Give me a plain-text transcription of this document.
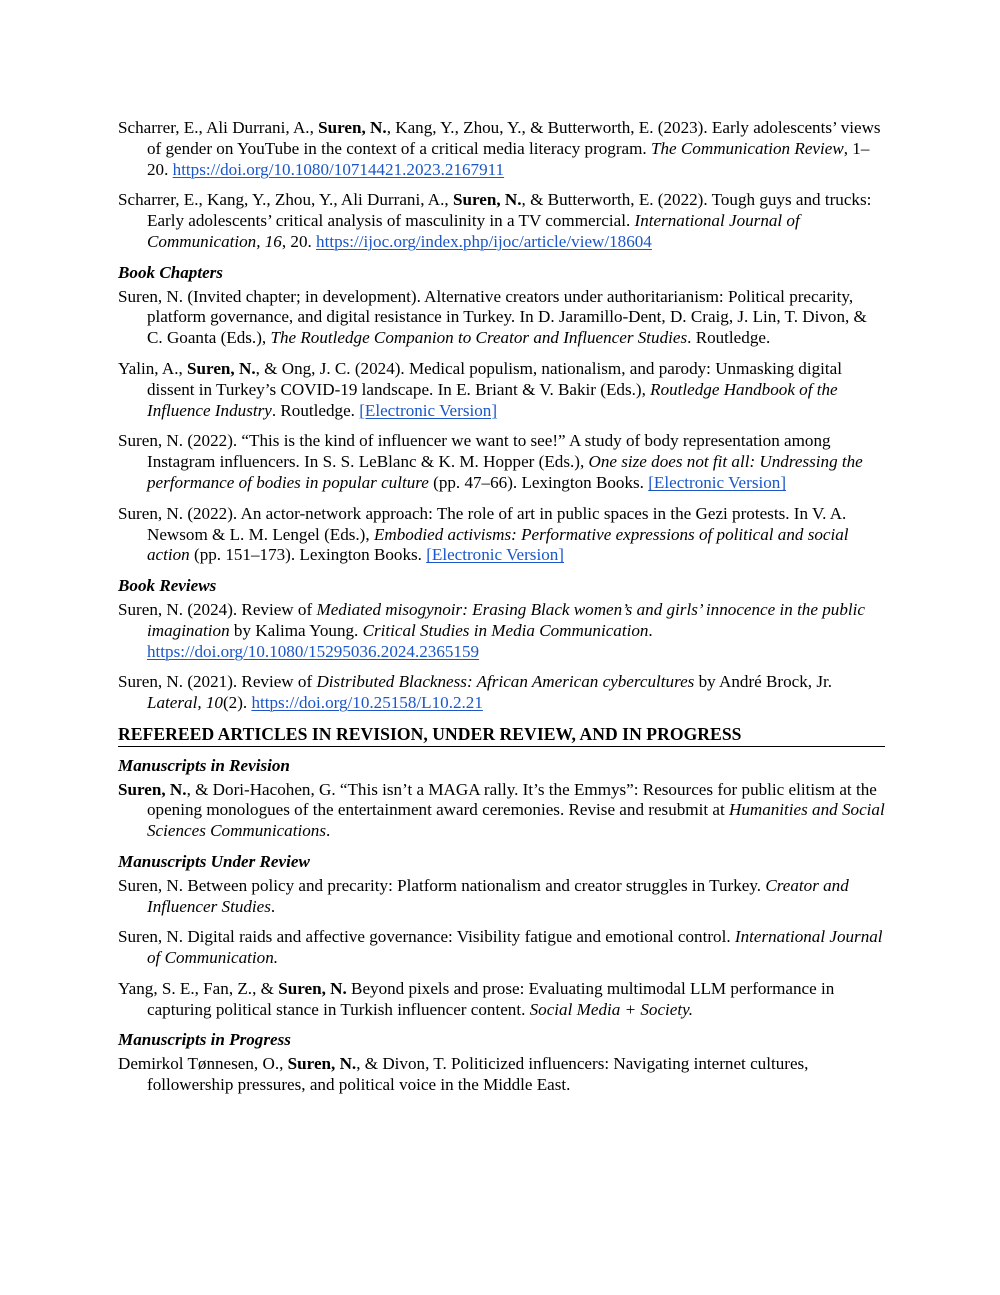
Scharrer, E., Ali Durrani, A., Suren, N., Kang, Y., Zhou, Y., & Butterworth, E. (2023). Early adolescents’ views of gender on YouTube in the context of a critical media literacy program. The Communication Review, 1–20. https://doi.org/10.1080/10714421.2023.2167911

Scharrer, E., Kang, Y., Zhou, Y., Ali Durrani, A., Suren, N., & Butterworth, E. (2022). Tough guys and trucks: Early adolescents’ critical analysis of masculinity in a TV commercial. International Journal of Communication, 16, 20. https://ijoc.org/index.php/ijoc/article/view/18604

Book Chapters

Suren, N. (Invited chapter; in development). Alternative creators under authoritarianism: Political precarity, platform governance, and digital resistance in Turkey. In D. Jaramillo-Dent, D. Craig, J. Lin, T. Divon, & C. Goanta (Eds.), The Routledge Companion to Creator and Influencer Studies. Routledge.

Yalin, A., Suren, N., & Ong, J. C. (2024). Medical populism, nationalism, and parody: Unmasking digital dissent in Turkey’s COVID-19 landscape. In E. Briant & V. Bakir (Eds.), Routledge Handbook of the Influence Industry. Routledge. [Electronic Version]

Suren, N. (2022). “This is the kind of influencer we want to see!” A study of body representation among Instagram influencers. In S. S. LeBlanc & K. M. Hopper (Eds.), One size does not fit all: Undressing the performance of bodies in popular culture (pp. 47–66). Lexington Books. [Electronic Version]

Suren, N. (2022). An actor-network approach: The role of art in public spaces in the Gezi protests. In V. A. Newsom & L. M. Lengel (Eds.), Embodied activisms: Performative expressions of political and social action (pp. 151–173). Lexington Books. [Electronic Version]

Book Reviews

Suren, N. (2024). Review of Mediated misogynoir: Erasing Black women’s and girls’ innocence in the public imagination by Kalima Young. Critical Studies in Media Communication. https://doi.org/10.1080/15295036.2024.2365159

Suren, N. (2021). Review of Distributed Blackness: African American cybercultures by André Brock, Jr. Lateral, 10(2). https://doi.org/10.25158/L10.2.21

REFEREED ARTICLES IN REVISION, UNDER REVIEW, AND IN PROGRESS
Manuscripts in Revision

Suren, N., & Dori-Hacohen, G. “This isn’t a MAGA rally. It’s the Emmys”: Resources for public elitism at the opening monologues of the entertainment award ceremonies. Revise and resubmit at Humanities and Social Sciences Communications.

Manuscripts Under Review

Suren, N. Between policy and precarity: Platform nationalism and creator struggles in Turkey. Creator and Influencer Studies.

Suren, N. Digital raids and affective governance: Visibility fatigue and emotional control. International Journal of Communication.

Yang, S. E., Fan, Z., & Suren, N. Beyond pixels and prose: Evaluating multimodal LLM performance in capturing political stance in Turkish influencer content. Social Media + Society.

Manuscripts in Progress

Demirkol Tønnesen, O., Suren, N., & Divon, T. Politicized influencers: Navigating internet cultures, followership pressures, and political voice in the Middle East.
